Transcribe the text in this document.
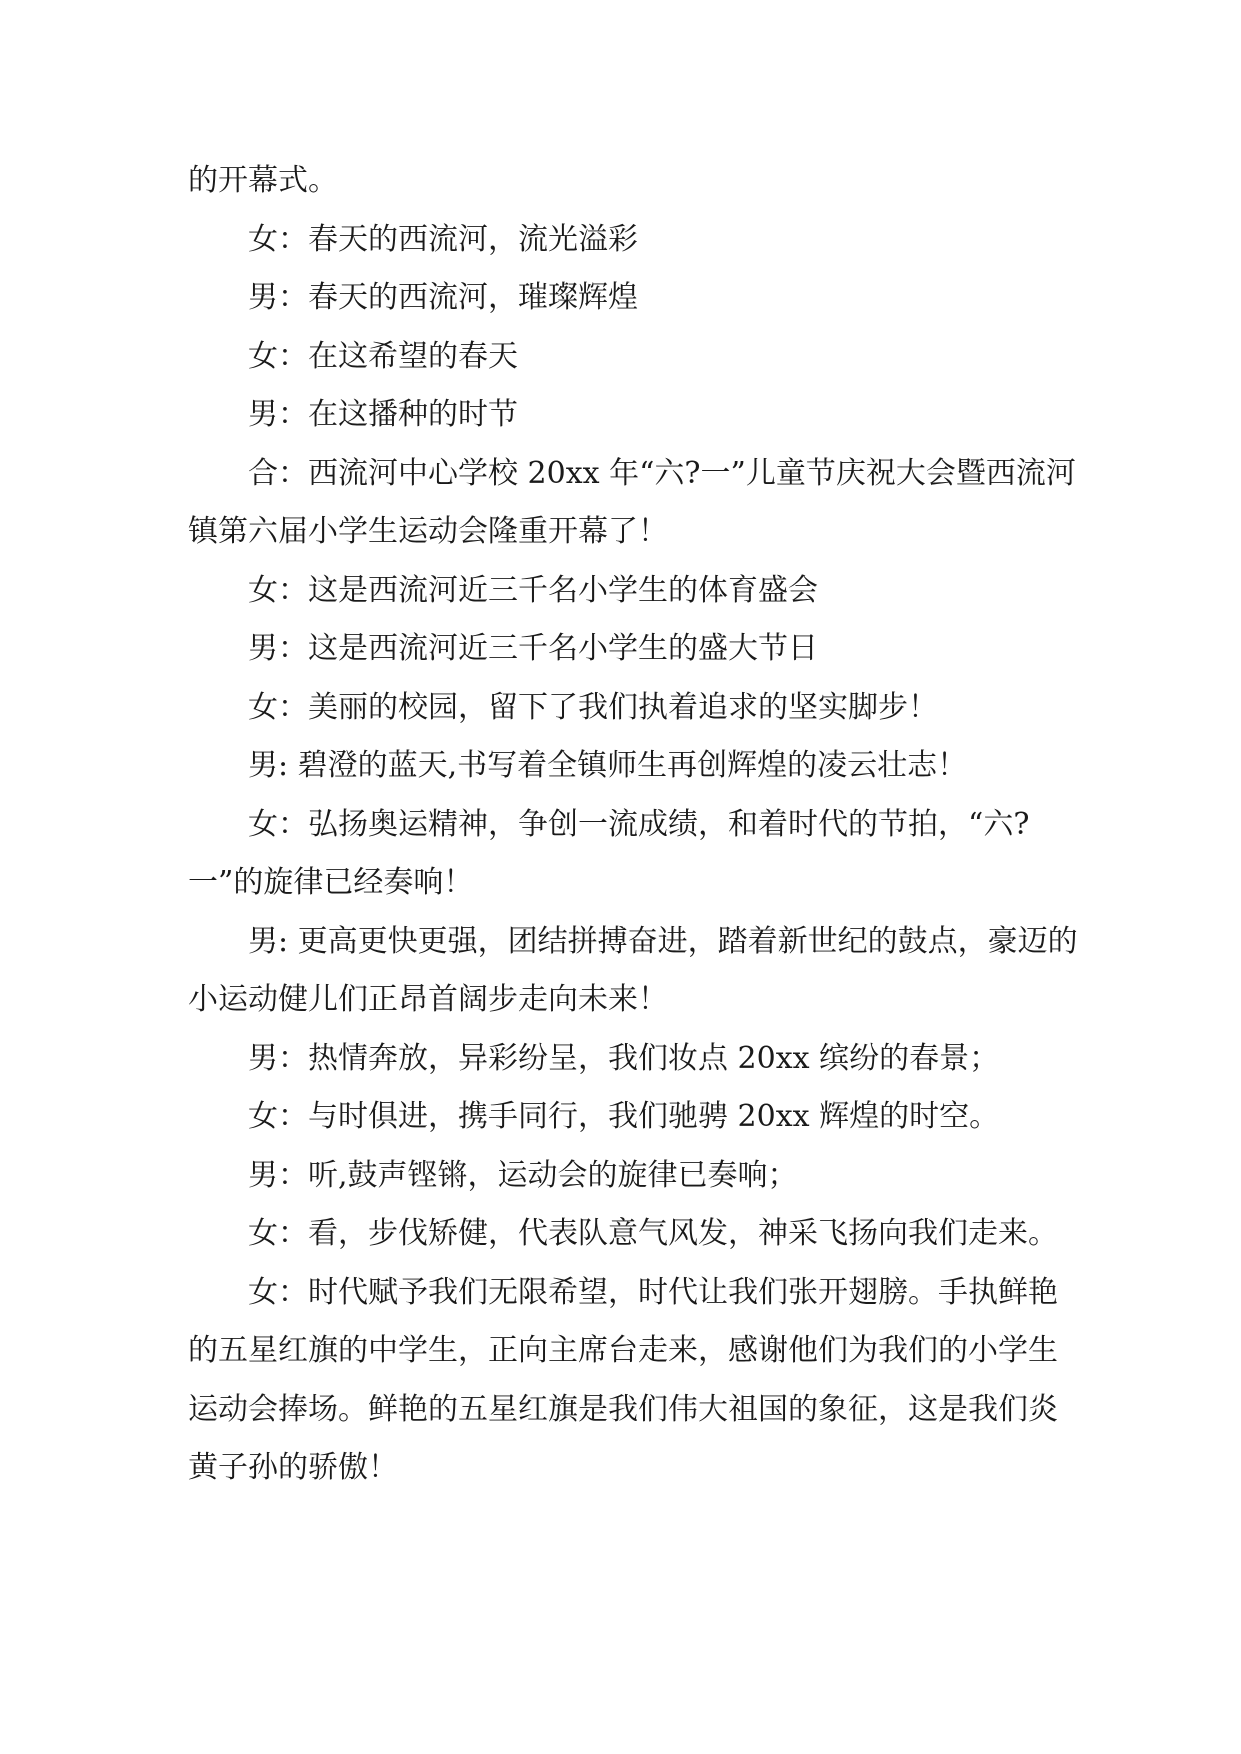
的开幕式。

女：春天的西流河，流光溢彩

男：春天的西流河，璀璨辉煌

女：在这希望的春天

男：在这播种的时节

合：西流河中心学校 20xx 年“六?一”儿童节庆祝大会暨西流河镇第六届小学生运动会隆重开幕了！

女：这是西流河近三千名小学生的体育盛会

男：这是西流河近三千名小学生的盛大节日

女：美丽的校园，留下了我们执着追求的坚实脚步！

男: 碧澄的蓝天,书写着全镇师生再创辉煌的凌云壮志！

女：弘扬奥运精神，争创一流成绩，和着时代的节拍，“六?一”的旋律已经奏响！

男: 更高更快更强，团结拼搏奋进，踏着新世纪的鼓点，豪迈的小运动健儿们正昂首阔步走向未来！

男：热情奔放，异彩纷呈，我们妆点 20xx 缤纷的春景；

女：与时俱进，携手同行，我们驰骋 20xx 辉煌的时空。

男：听,鼓声铿锵，运动会的旋律已奏响；

女：看，步伐矫健，代表队意气风发，神采飞扬向我们走来。

女：时代赋予我们无限希望，时代让我们张开翅膀。手执鲜艳的五星红旗的中学生，正向主席台走来，感谢他们为我们的小学生运动会捧场。鲜艳的五星红旗是我们伟大祖国的象征，这是我们炎黄子孙的骄傲！
